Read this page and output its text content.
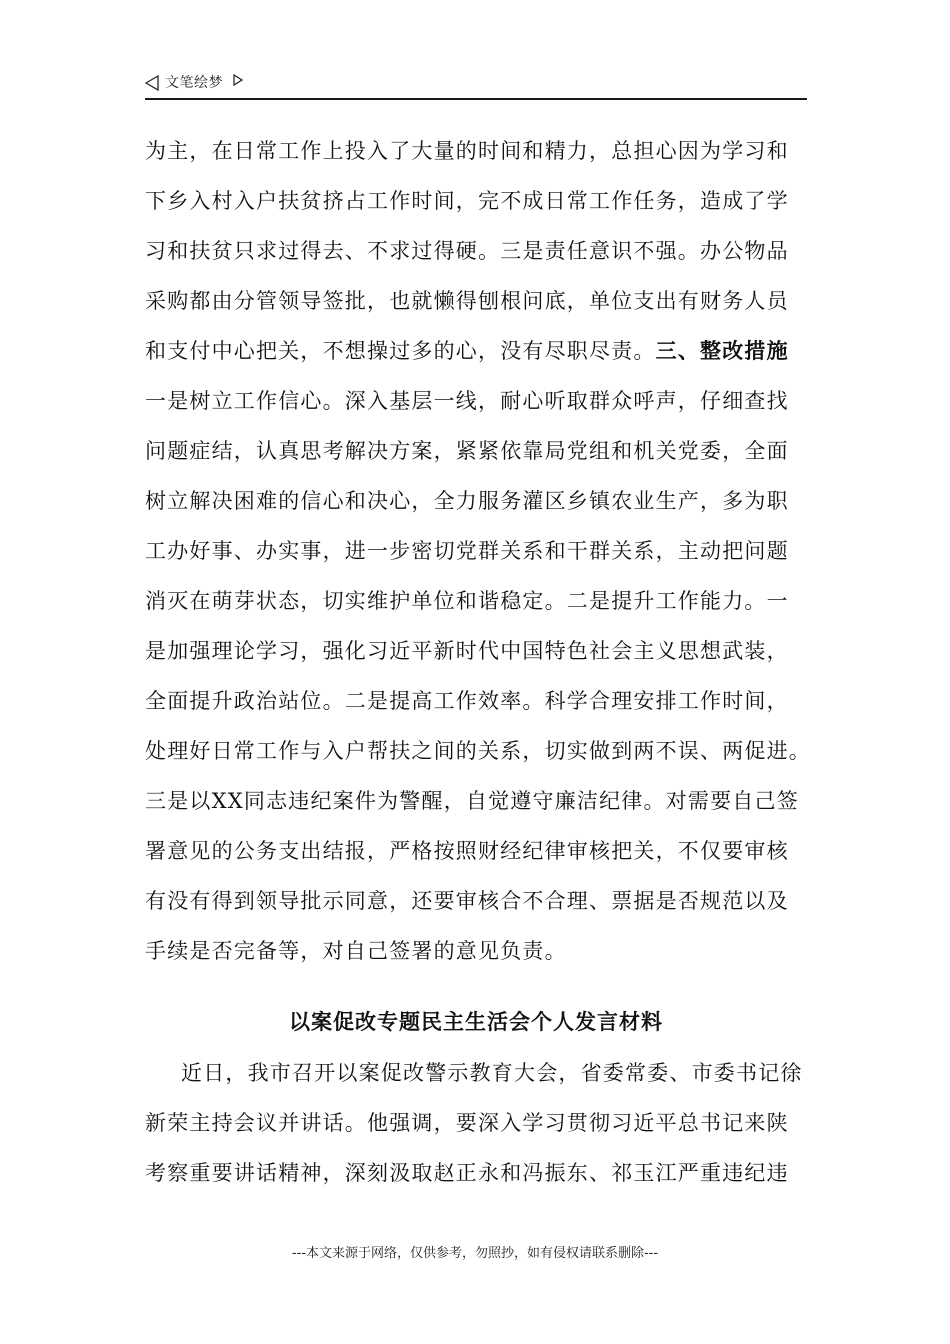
文笔绘梦
为主，在日常工作上投入了大量的时间和精力，总担心因为学习和
下乡入村入户扶贫挤占工作时间，完不成日常工作任务，造成了学
习和扶贫只求过得去、不求过得硬。三是责任意识不强。办公物品
采购都由分管领导签批，也就懒得刨根问底，单位支出有财务人员
和支付中心把关，不想操过多的心，没有尽职尽责。三、整改措施
一是树立工作信心。深入基层一线，耐心听取群众呼声，仔细查找
问题症结，认真思考解决方案，紧紧依靠局党组和机关党委，全面
树立解决困难的信心和决心，全力服务灌区乡镇农业生产，多为职
工办好事、办实事，进一步密切党群关系和干群关系，主动把问题
消灭在萌芽状态，切实维护单位和谐稳定。二是提升工作能力。一
是加强理论学习，强化习近平新时代中国特色社会主义思想武装，
全面提升政治站位。二是提高工作效率。科学合理安排工作时间，
处理好日常工作与入户帮扶之间的关系，切实做到两不误、两促进。
三是以XX同志违纪案件为警醒，自觉遵守廉洁纪律。对需要自己签
署意见的公务支出结报，严格按照财经纪律审核把关，不仅要审核
有没有得到领导批示同意，还要审核合不合理、票据是否规范以及
手续是否完备等，对自己签署的意见负责。
以案促改专题民主生活会个人发言材料
近日，我市召开以案促改警示教育大会，省委常委、市委书记徐
新荣主持会议并讲话。他强调，要深入学习贯彻习近平总书记来陕
考察重要讲话精神，深刻汲取赵正永和冯振东、祁玉江严重违纪违
---本文来源于网络，仅供参考，勿照抄，如有侵权请联系删除---
